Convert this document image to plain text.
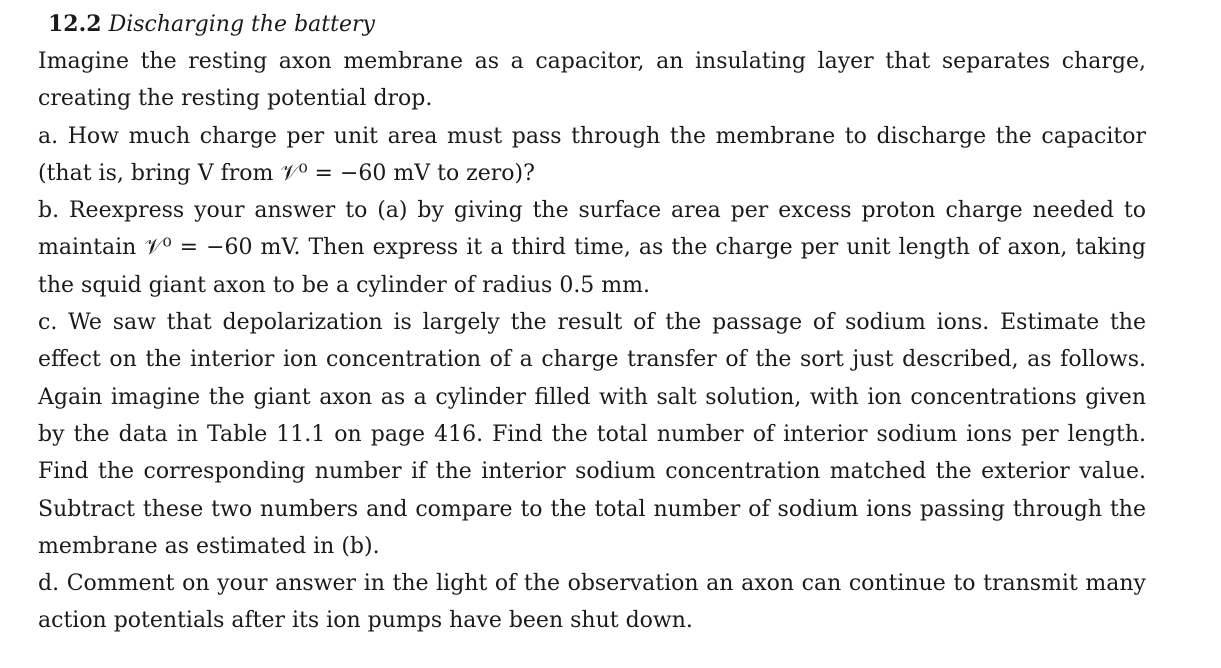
12.2 Discharging the battery

Imagine the resting axon membrane as a capacitor, an insulating layer that separates charge, creating the resting potential drop.

a. How much charge per unit area must pass through the membrane to discharge the capacitor (that is, bring V from 𝒱⁰ = −60 mV to zero)?

b. Reexpress your answer to (a) by giving the surface area per excess proton charge needed to maintain 𝒱⁰ = −60 mV. Then express it a third time, as the charge per unit length of axon, taking the squid giant axon to be a cylinder of radius 0.5 mm.

c. We saw that depolarization is largely the result of the passage of sodium ions. Estimate the effect on the interior ion concentration of a charge transfer of the sort just described, as follows. Again imagine the giant axon as a cylinder filled with salt solution, with ion concentrations given by the data in Table 11.1 on page 416. Find the total number of interior sodium ions per length. Find the corresponding number if the interior sodium concentration matched the exterior value. Subtract these two numbers and compare to the total number of sodium ions passing through the membrane as estimated in (b).

d. Comment on your answer in the light of the observation an axon can continue to transmit many action potentials after its ion pumps have been shut down.
